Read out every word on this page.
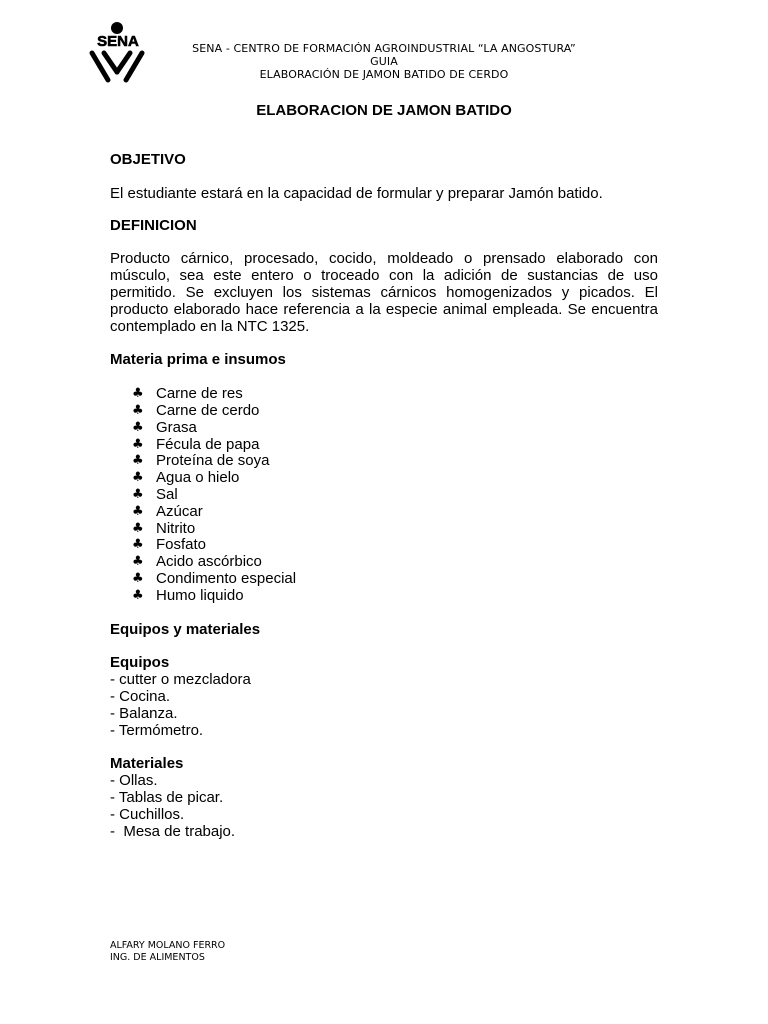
SENA	SENA - CENTRO DE FORMACIÓN AGROINDUSTRIAL “LA ANGOSTURA”
GUIA
ELABORACIÓN DE JAMON BATIDO DE CERDO
ELABORACION DE JAMON BATIDO

OBJETIVO

El estudiante estará en la capacidad de formular y preparar Jamón batido.

DEFINICION

Producto cárnico, procesado, cocido, moldeado o prensado elaborado con músculo, sea este entero o troceado con la adición de sustancias de uso permitido. Se excluyen los sistemas cárnicos homogenizados y picados. El producto elaborado hace referencia a la especie animal empleada. Se encuentra contemplado en la NTC 1325.

Materia prima e insumos

♣ Carne de res
♣ Carne de cerdo
♣ Grasa
♣ Fécula de papa
♣ Proteína de soya
♣ Agua o hielo
♣ Sal
♣ Azúcar
♣ Nitrito
♣ Fosfato
♣ Acido ascórbico
♣ Condimento especial
♣ Humo liquido

Equipos y materiales

Equipos

- cutter o mezcladora

- Cocina.

- Balanza.

- Termómetro.

Materiales

- Ollas.

- Tablas de picar.

- Cuchillos.

-  Mesa de trabajo.

ALFARY MOLANO FERRO
ING. DE ALIMENTOS
